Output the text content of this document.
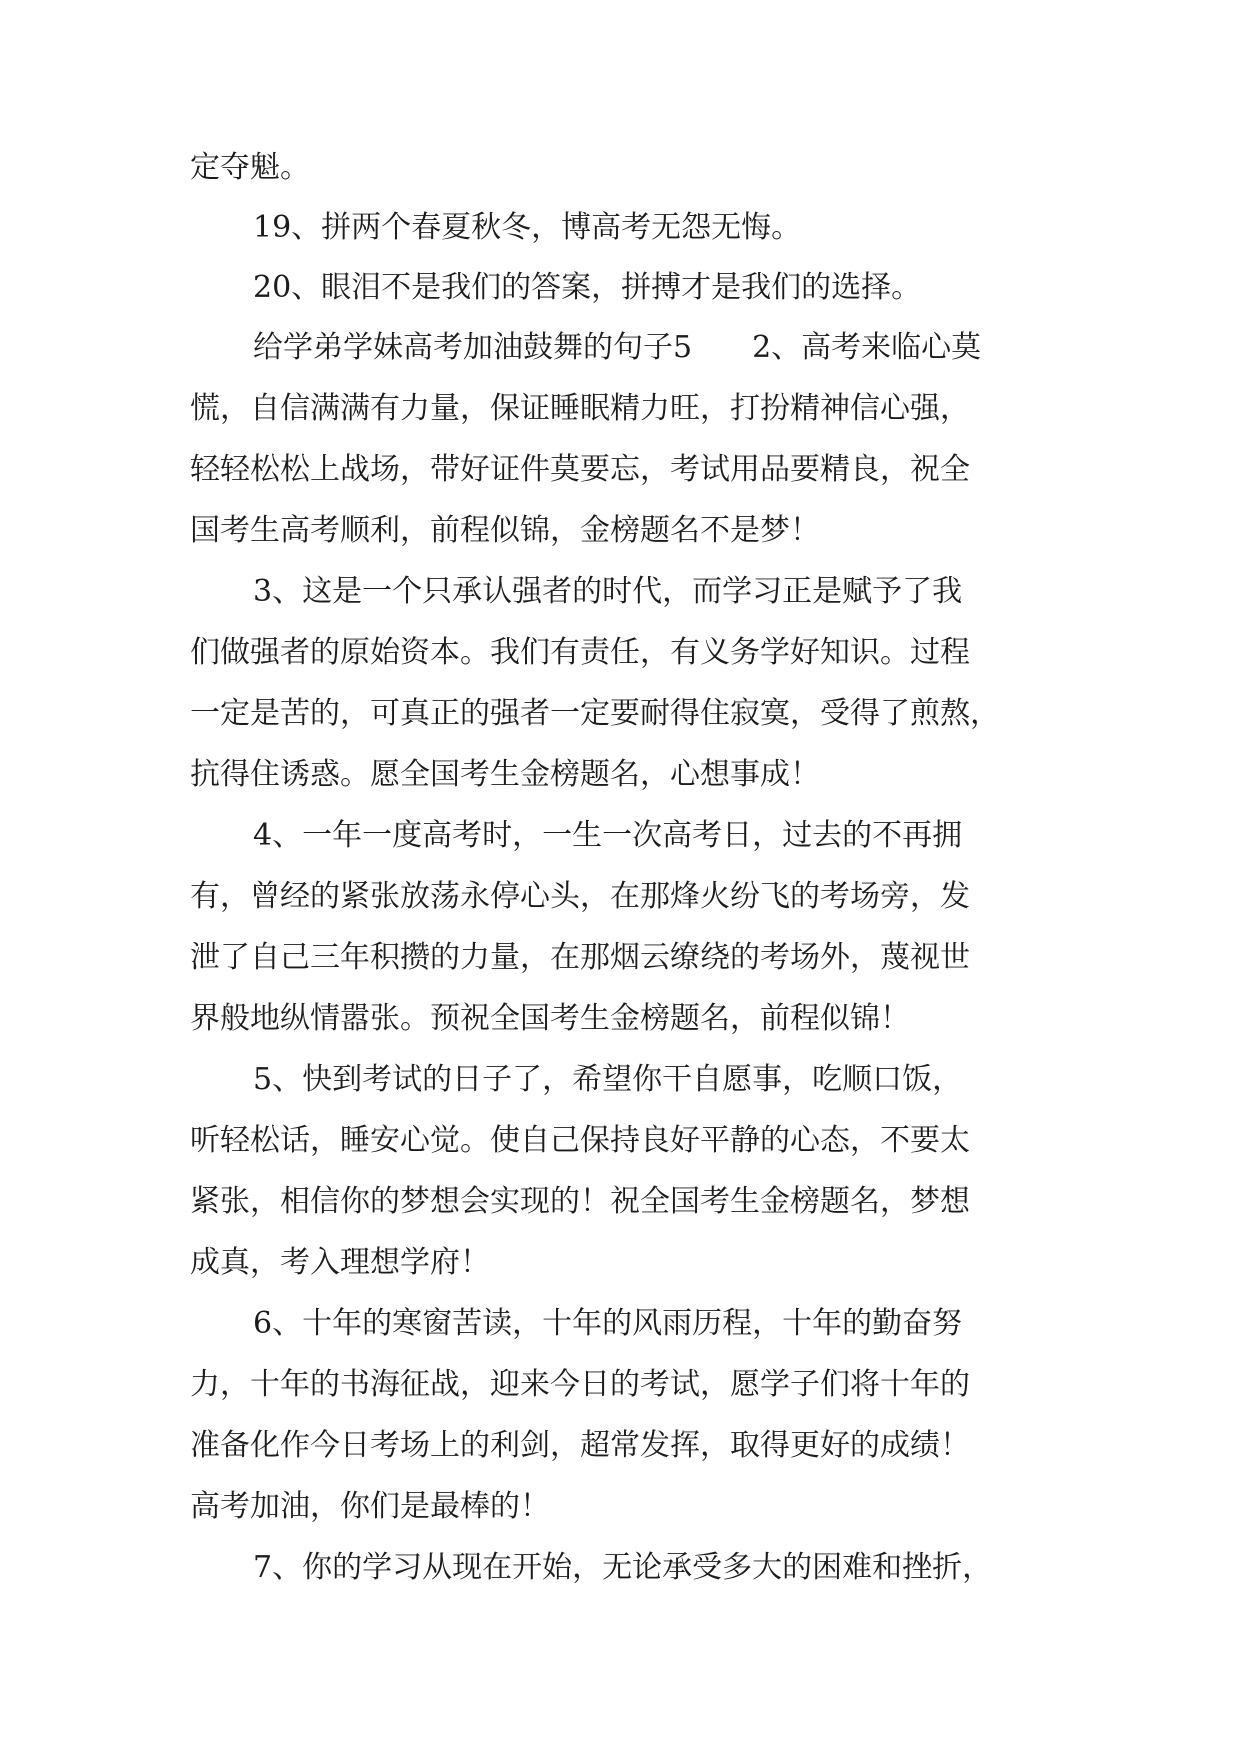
定夺魁。

19、拼两个春夏秋冬，博高考无怨无悔。

20、眼泪不是我们的答案，拼搏才是我们的选择。

给学弟学妹高考加油鼓舞的句子5　　2、高考来临心莫

慌，自信满满有力量，保证睡眠精力旺，打扮精神信心强，

轻轻松松上战场，带好证件莫要忘，考试用品要精良，祝全

国考生高考顺利，前程似锦，金榜题名不是梦！

3、这是一个只承认强者的时代，而学习正是赋予了我

们做强者的原始资本。我们有责任，有义务学好知识。过程

一定是苦的，可真正的强者一定要耐得住寂寞，受得了煎熬，

抗得住诱惑。愿全国考生金榜题名，心想事成！

4、一年一度高考时，一生一次高考日，过去的不再拥

有，曾经的紧张放荡永停心头，在那烽火纷飞的考场旁，发

泄了自己三年积攒的力量，在那烟云缭绕的考场外，蔑视世

界般地纵情嚣张。预祝全国考生金榜题名，前程似锦！

5、快到考试的日子了，希望你干自愿事，吃顺口饭，

听轻松话，睡安心觉。使自己保持良好平静的心态，不要太

紧张，相信你的梦想会实现的！祝全国考生金榜题名，梦想

成真，考入理想学府！

6、十年的寒窗苦读，十年的风雨历程，十年的勤奋努

力，十年的书海征战，迎来今日的考试，愿学子们将十年的

准备化作今日考场上的利剑，超常发挥，取得更好的成绩！

高考加油，你们是最棒的！

7、你的学习从现在开始，无论承受多大的困难和挫折，
